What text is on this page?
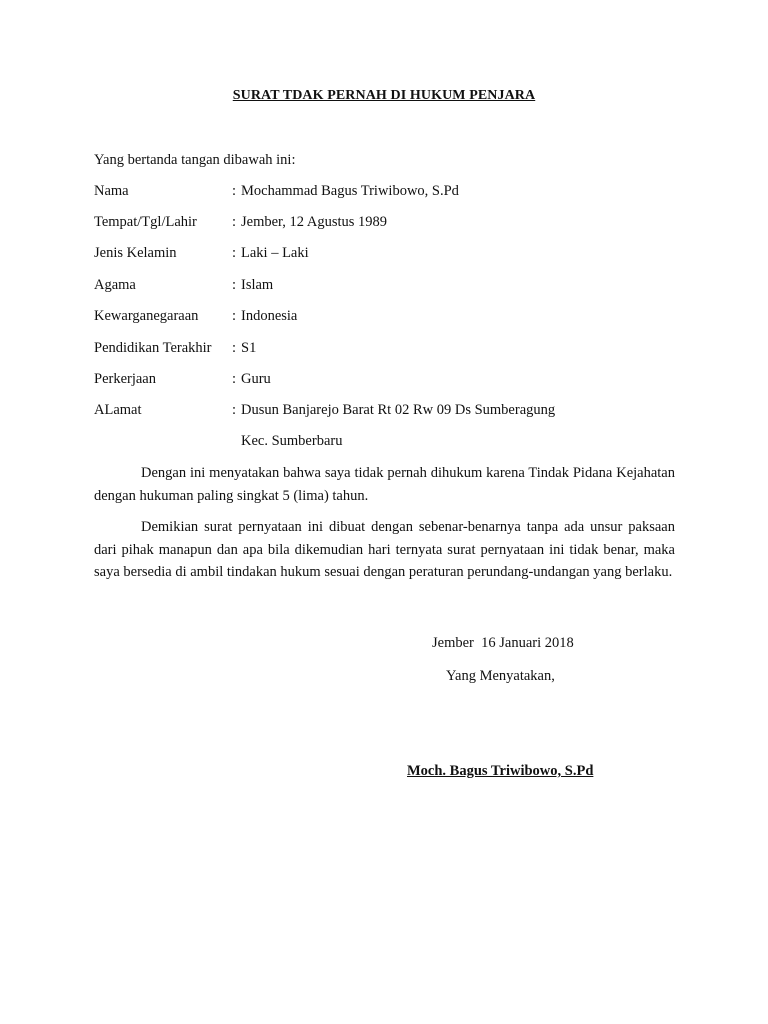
SURAT TDAK PERNAH DI HUKUM PENJARA
Yang bertanda tangan dibawah ini:
Nama	: Mochammad Bagus Triwibowo, S.Pd
Tempat/Tgl/Lahir : Jember, 12 Agustus 1989
Jenis Kelamin	: Laki – Laki
Agama	: Islam
Kewarganegaraan : Indonesia
Pendidikan Terakhir : S1
Perkerjaan	: Guru
ALamat	: Dusun Banjarejo Barat Rt 02 Rw 09 Ds Sumberagung
Kec. Sumberbaru
Dengan ini menyatakan bahwa saya tidak pernah dihukum karena Tindak Pidana Kejahatan dengan hukuman paling singkat 5 (lima) tahun.
Demikian surat pernyataan ini dibuat dengan sebenar-benarnya tanpa ada unsur paksaan dari pihak manapun dan apa bila dikemudian hari ternyata surat pernyataan ini tidak benar, maka saya bersedia di ambil tindakan hukum sesuai dengan peraturan perundang-undangan yang berlaku.
Jember  16 Januari 2018
Yang Menyatakan,
Moch. Bagus Triwibowo, S.Pd
